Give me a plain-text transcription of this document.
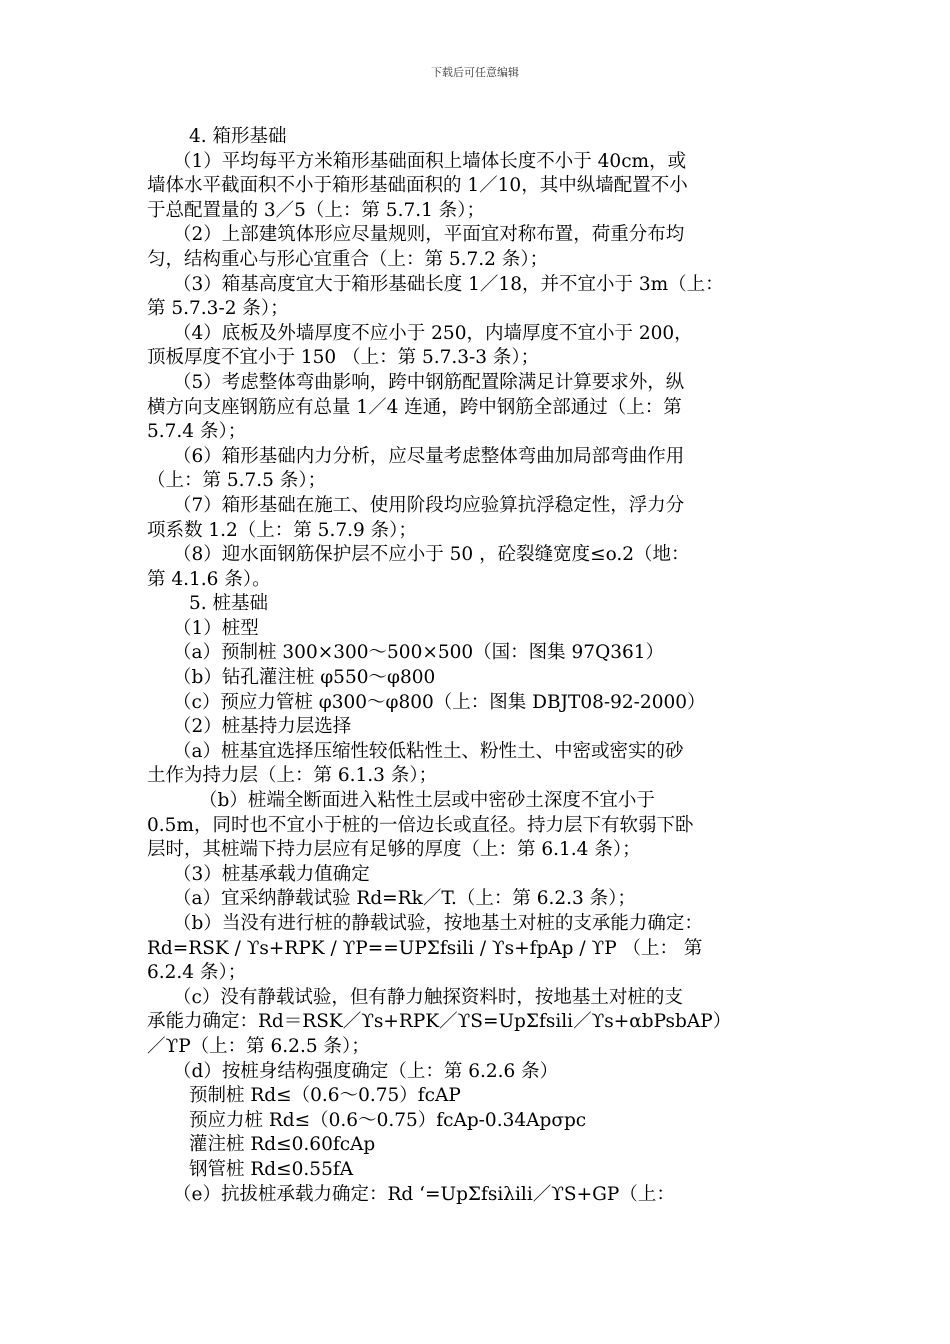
下载后可任意编辑
4. 箱形基础
（1）平均每平方米箱形基础面积上墙体长度不小于 40cm，或
墙体水平截面积不小于箱形基础面积的 1／10，其中纵墙配置不小
于总配置量的 3／5（上：第 5.7.1 条）；
（2）上部建筑体形应尽量规则，平面宜对称布置，荷重分布均
匀，结构重心与形心宜重合（上：第 5.7.2 条）；
（3）箱基高度宜大于箱形基础长度 1／18，并不宜小于 3m（上：
第 5.7.3-2 条）；
（4）底板及外墙厚度不应小于 250，内墙厚度不宜小于 200，
顶板厚度不宜小于 150 （上：第 5.7.3-3 条）；
（5）考虑整体弯曲影响，跨中钢筋配置除满足计算要求外，纵
横方向支座钢筋应有总量 1／4 连通，跨中钢筋全部通过（上：第
5.7.4 条）；
（6）箱形基础内力分析，应尽量考虑整体弯曲加局部弯曲作用
（上：第 5.7.5 条）；
（7）箱形基础在施工、使用阶段均应验算抗浮稳定性，浮力分
项系数 1.2（上：第 5.7.9 条）；
（8）迎水面钢筋保护层不应小于 50 ，砼裂缝宽度≤o.2（地：
第 4.1.6 条）。
5. 桩基础
（1）桩型
（a）预制桩 300×300～500×500（国：图集 97Q361）
（b）钻孔灌注桩 φ550～φ800
（c）预应力管桩 φ300～φ800（上：图集 DBJT08-92-2000）
（2）桩基持力层选择
（a）桩基宜选择压缩性较低粘性土、粉性土、中密或密实的砂
土作为持力层（上：第 6.1.3 条）；
（b）桩端全断面进入粘性土层或中密砂土深度不宜小于
0.5m，同时也不宜小于桩的一倍边长或直径。持力层下有软弱下卧
层时，其桩端下持力层应有足够的厚度（上：第 6.1.4 条）；
（3）桩基承载力值确定
（a）宜采纳静载试验 Rd=Rk／T.（上：第 6.2.3 条）；
（b）当没有进行桩的静载试验，按地基土对桩的支承能力确定：
Rd=RSK / ϒs+RPK / ϒP==UPΣfsili / ϒs+fpAp / ϒP （上： 第
6.2.4 条）；
（c）没有静载试验，但有静力触探资料时，按地基土对桩的支
承能力确定：Rd＝RSK／ϒs+RPK／ϒS=UpΣfsili／ϒs+αbPsbAP）
／ϒP（上：第 6.2.5 条）；
（d）按桩身结构强度确定（上：第 6.2.6 条）
预制桩 Rd≤（0.6～0.75）fcAP
预应力桩 Rd≤（0.6～0.75）fcAp-0.34Apσpc
灌注桩 Rd≤0.60fcAp
钢管桩 Rd≤0.55fA
（e）抗拔桩承载力确定：Rd ‘=UpΣfsiλili／ϒS+GP（上：
